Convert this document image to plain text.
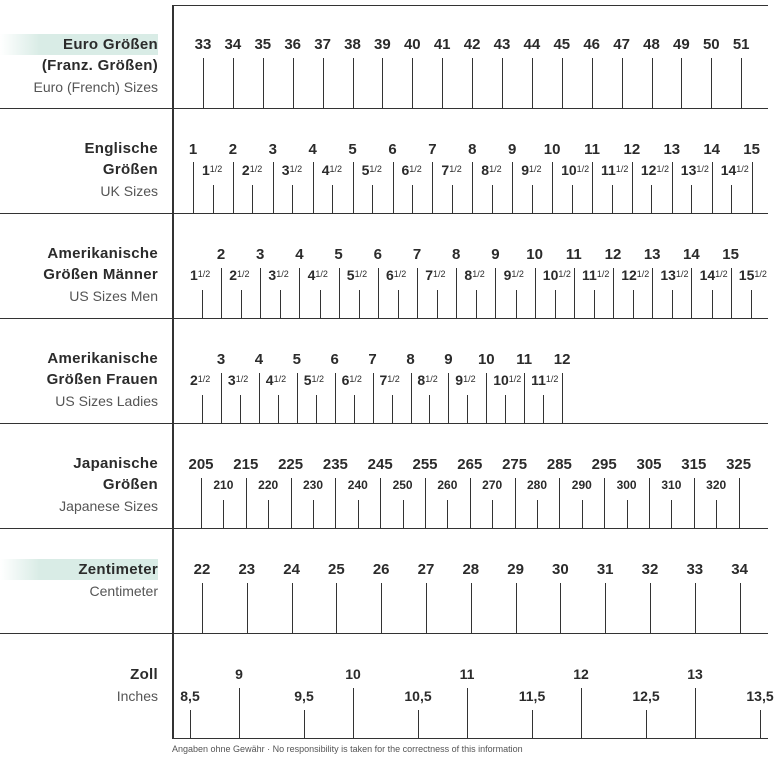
Euro Größen
(Franz. Größen)
Euro (French) Sizes
Englische
Größen
UK Sizes
Amerikanische
Größen Männer
US Sizes Men
Amerikanische
Größen Frauen
US Sizes Ladies
Japanische
Größen
Japanese Sizes
Zentimeter
Centimeter
Zoll
Inches
Angaben ohne Gewähr · No responsibility is taken for the correctness of this information
33 34 35 36 37 38 39 40 41 42 43 44 45 46 47 48 49 50 51
1 2 3 4 5 6 7 8 9 10 11 12 13 14 15
$1^{1/2}$ $2^{1/2}$ $3^{1/2}$ $4^{1/2}$ $5^{1/2}$ $6^{1/2}$ $7^{1/2}$ $8^{1/2}$ $9^{1/2}$ $10^{1/2}$ $11^{1/2}$ $12^{1/2}$ $13^{1/2}$ $14^{1/2}$
2 3 4 5 6 7 8 9 10 11 12 13 14 15
$1^{1/2}$ $2^{1/2}$ $3^{1/2}$ $4^{1/2}$ $5^{1/2}$ $6^{1/2}$ $7^{1/2}$ $8^{1/2}$ $9^{1/2}$ $10^{1/2}$ $11^{1/2}$ $12^{1/2}$ $13^{1/2}$ $14^{1/2}$ $15^{1/2}$
3 4 5 6 7 8 9 10 11 12
$2^{1/2}$ $3^{1/2}$ $4^{1/2}$ $5^{1/2}$ $6^{1/2}$ $7^{1/2}$ $8^{1/2}$ $9^{1/2}$ $10^{1/2}$ $11^{1/2}$
205 215 225 235 245 255 265 275 285 295 305 315 325
210 220 230 240 250 260 270 280 290 300 310 320
22 23 24 25 26 27 28 29 30 31 32 33 34
9	10	11	12	13
8,5	9,5	10,5	11,5	12,5	13,5
